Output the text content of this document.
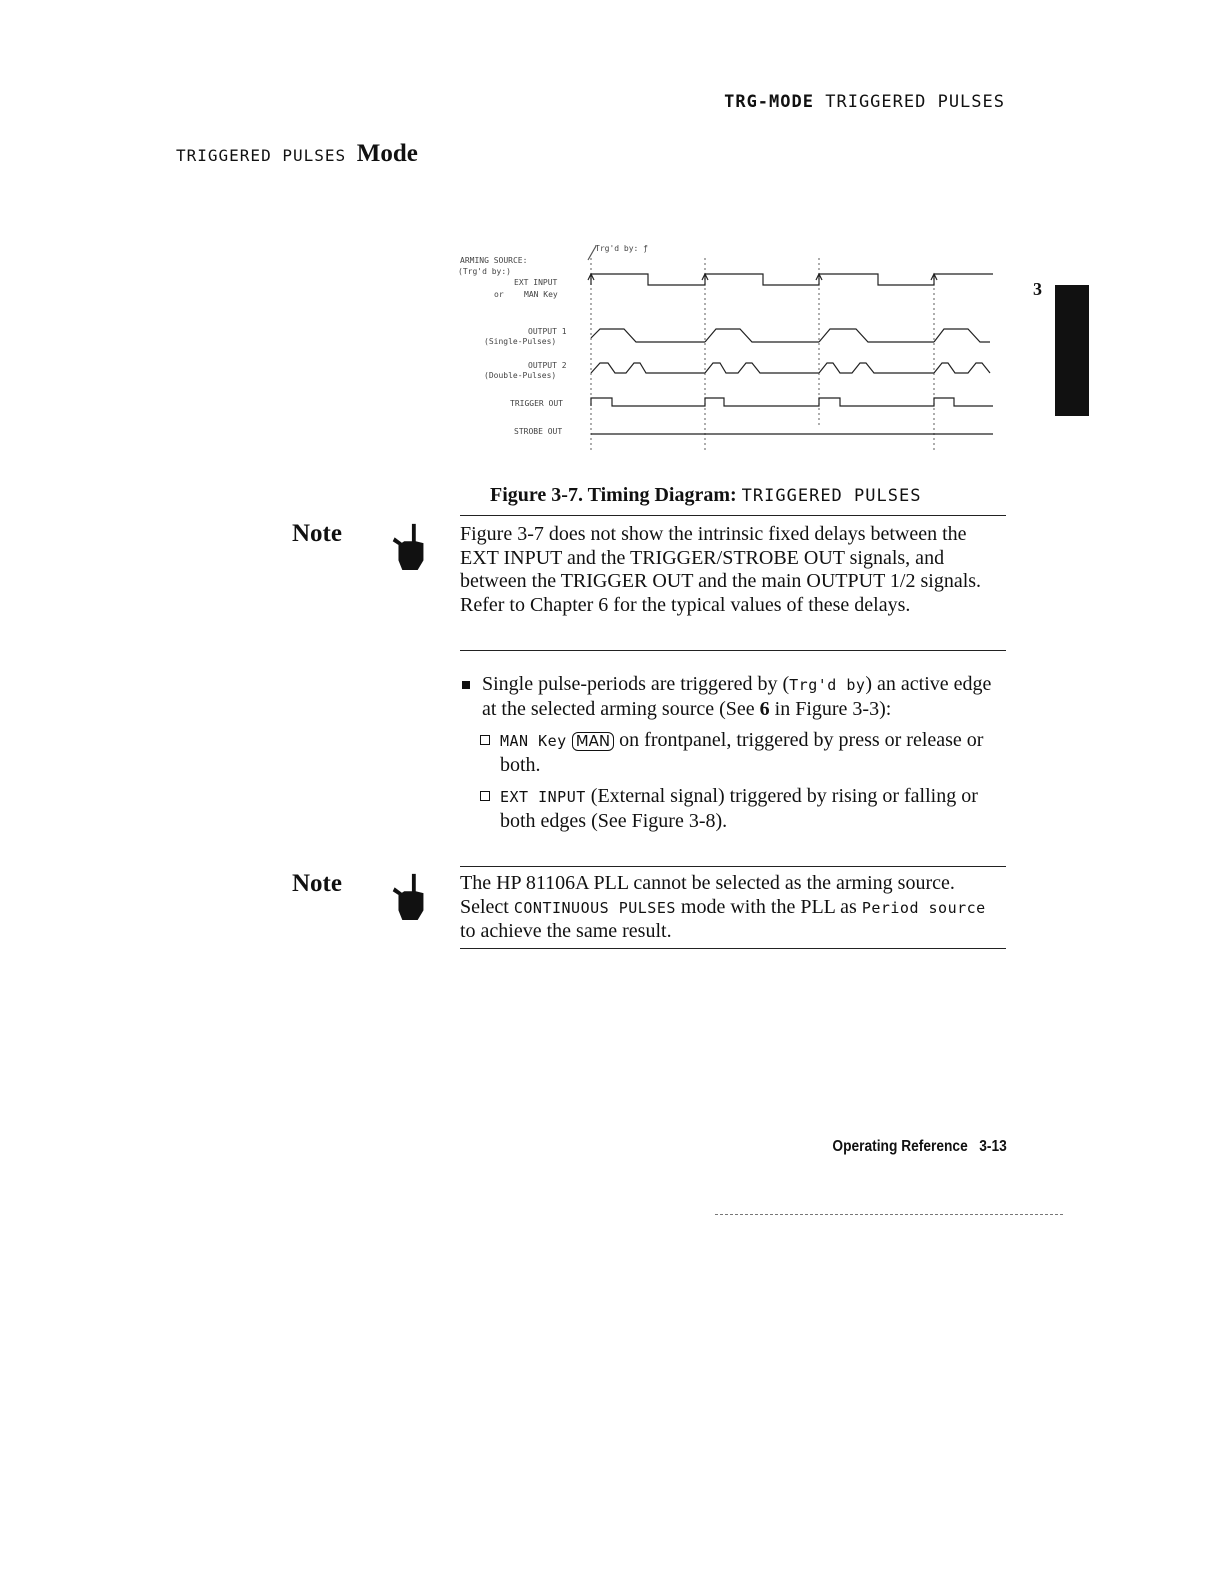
TRG-MODE TRIGGERED PULSES
TRIGGERED PULSES Mode
3
Trg'd by: ƒ
ARMING SOURCE:
(Trg'd by:)
EXT INPUT
or	MAN Key
OUTPUT 1
(Single-Pulses)
OUTPUT 2
(Double-Pulses)
TRIGGER OUT
STROBE OUT
Figure 3-7. Timing Diagram: TRIGGERED PULSES
Note	Figure 3-7 does not show the intrinsic fixed delays between the EXT INPUT and the TRIGGER/STROBE OUT signals, and between the TRIGGER OUT and the main OUTPUT 1/2 signals. Refer to Chapter 6 for the typical values of these delays.
Single pulse-periods are triggered by (Trg'd by) an active edge at the selected arming source (See 6 in Figure 3-3):
MAN Key MAN on frontpanel, triggered by press or release or both.
EXT INPUT (External signal) triggered by rising or falling or both edges (See Figure 3-8).
Note	The HP 81106A PLL cannot be selected as the arming source. Select CONTINUOUS PULSES mode with the PLL as Period source to achieve the same result.
Operating Reference 3-13
